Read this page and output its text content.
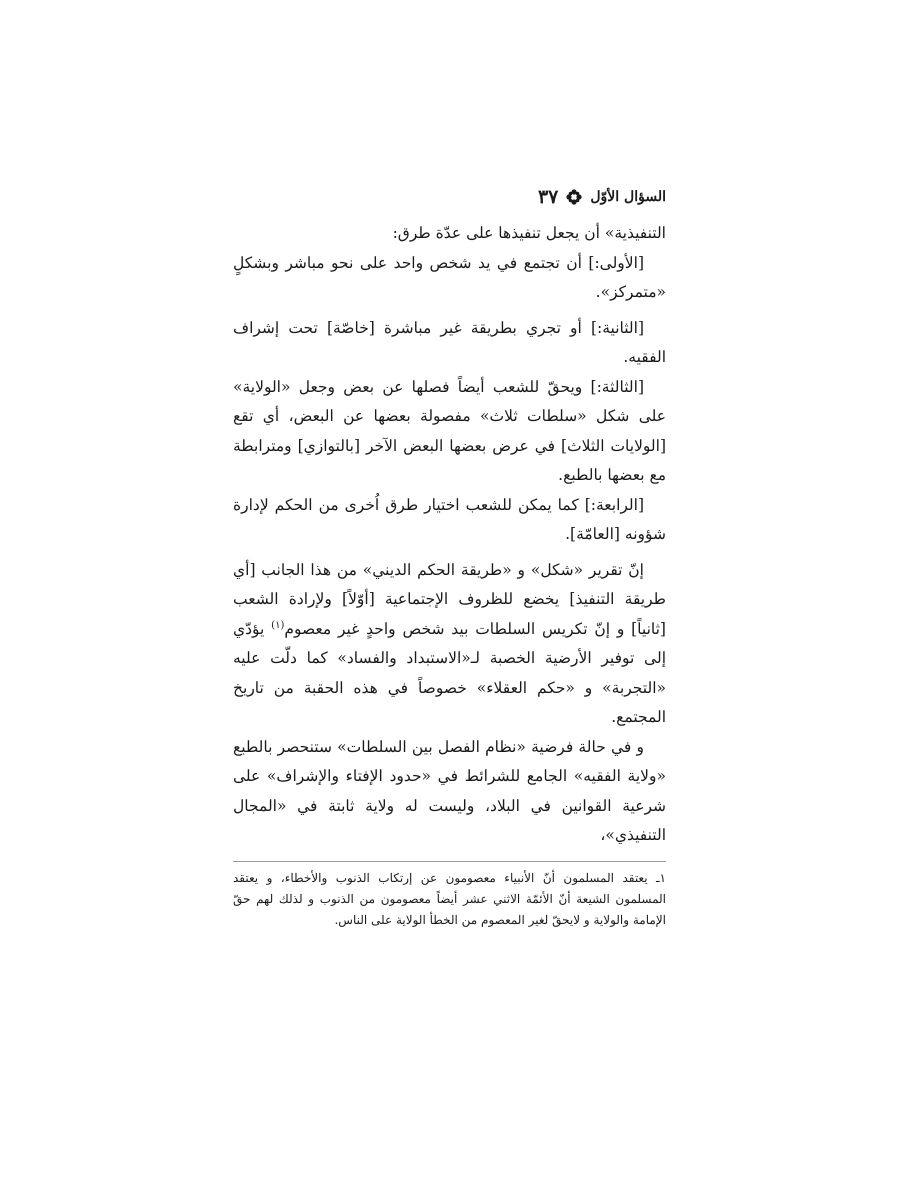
٣٧ السؤال الأوّل

التنفيذية» أن يجعل تنفيذها على عدّة طرق:

[الأولى:] أن تجتمع في يد شخص واحد على نحو مباشر وبشكلٍ «متمركز».

[الثانية:] أو تجري بطريقة غير مباشرة [خاصّة] تحت إشراف الفقيه.

[الثالثة:] ويحقّ للشعب أيضاً فصلها عن بعض وجعل «الولاية» على شكل «سلطات ثلاث» مفصولة بعضها عن البعض، أي تقع [الولايات الثلاث] في عرض بعضها البعض الآخر [بالتوازي] ومترابطة مع بعضها بالطبع.

[الرابعة:] كما يمكن للشعب اختيار طرق اُخرى من الحكم لإدارة شؤونه [العامّة].

إنّ تقرير «شكل» و «طريقة الحكم الديني» من هذا الجانب [أي طريقة التنفيذ] يخضع للظروف الإجتماعية [أوّلاً] ولإرادة الشعب [ثانياً] و إنّ تكريس السلطات بيد شخص واحدٍ غير معصوم$^{(١)}$ يؤدّي إلى توفير الأرضية الخصبة لـ«الاستبداد والفساد» كما دلّت عليه «التجربة» و «حكم العقلاء» خصوصاً في هذه الحقبة من تاريخ المجتمع.

و في حالة فرضية «نظام الفصل بين السلطات» ستنحصر بالطبع «ولاية الفقيه» الجامع للشرائط في «حدود الإفتاء والإشراف» على شرعية القوانين في البلاد، وليست له ولاية ثابتة في «المجال التنفيذي»،

١ـ يعتقد المسلمون أنّ الأنبياء معصومون عن إرتكاب الذنوب والأخطاء، و يعتقد المسلمون الشيعة أنّ الأئمّة الاثني عشر أيضاً معصومون من الذنوب و لذلك لهم حقّ الإمامة والولاية و لايحقّ لغير المعصوم من الخطأ الولاية على الناس.
